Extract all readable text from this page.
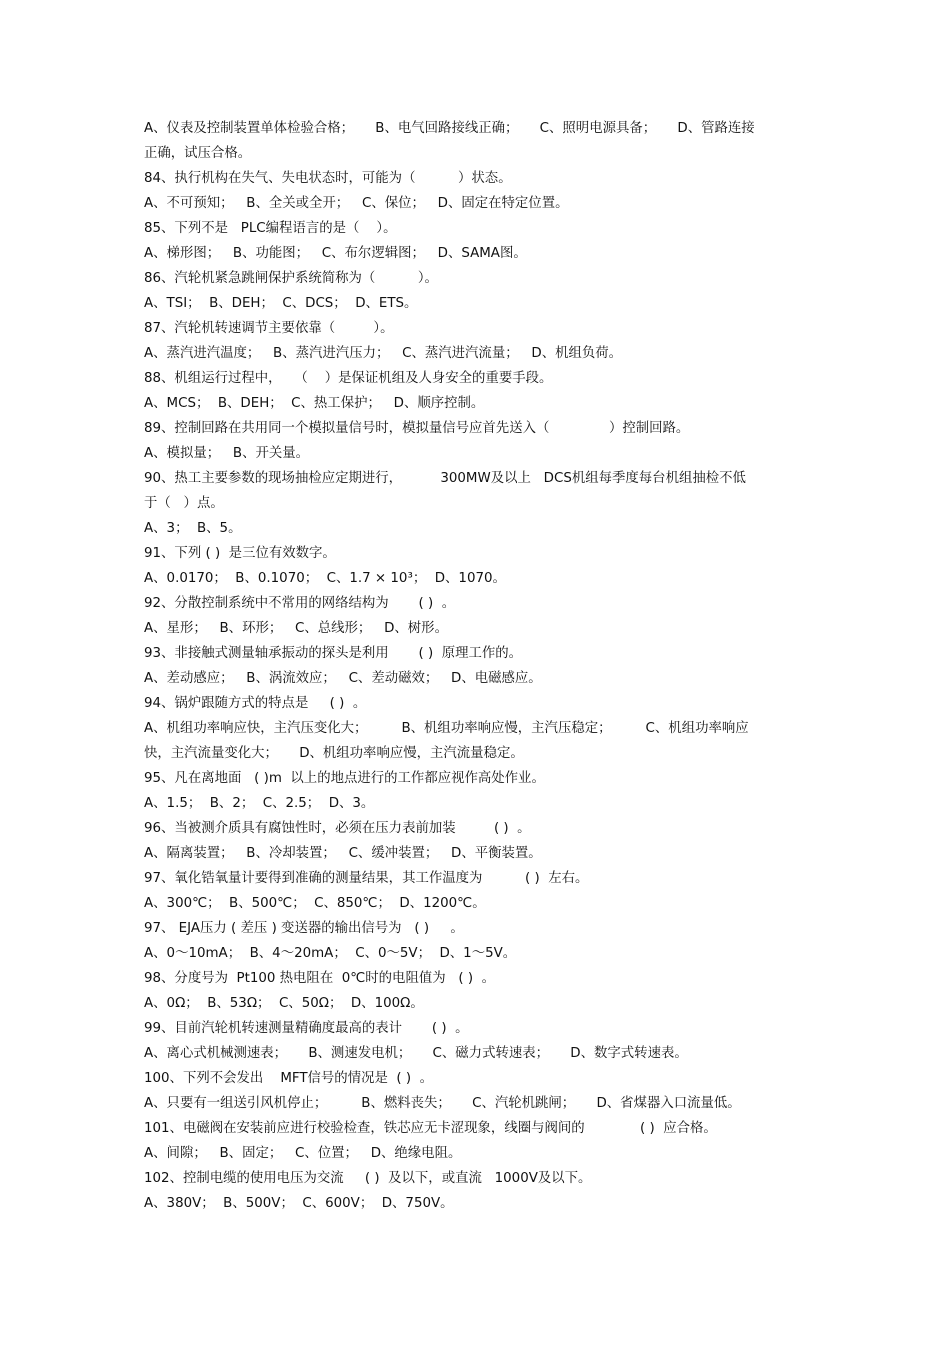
A、仪表及控制装置单体检验合格；     B、电气回路接线正确；     C、照明电源具备；     D、管路连接
正确，试压合格。
84、执行机构在失气、失电状态时，可能为（          ）状态。
A、不可预知；   B、全关或全开；   C、保位；   D、固定在特定位置。
85、下列不是   PLC编程语言的是（    ）。
A、梯形图；   B、功能图；   C、布尔逻辑图；   D、SAMA图。
86、汽轮机紧急跳闸保护系统简称为（          ）。
A、TSI；  B、DEH；  C、DCS；  D、ETS。
87、汽轮机转速调节主要依靠（         ）。
A、蒸汽进汽温度；   B、蒸汽进汽压力；   C、蒸汽进汽流量；   D、机组负荷。
88、机组运行过程中，   （    ）是保证机组及人身安全的重要手段。
A、MCS；  B、DEH；  C、热工保护；   D、顺序控制。
89、控制回路在共用同一个模拟量信号时，模拟量信号应首先送入（              ）控制回路。
A、模拟量；   B、开关量。
90、热工主要参数的现场抽检应定期进行，         300MW及以上   DCS机组每季度每台机组抽检不低
于（   ）点。
A、3；  B、5。
91、下列 ( )  是三位有效数字。
A、0.0170；  B、0.1070；  C、1.7 × 10³；  D、1070。
92、分散控制系统中不常用的网络结构为       ( )  。
A、星形；   B、环形；   C、总线形；   D、树形。
93、非接触式测量轴承振动的探头是利用       ( )  原理工作的。
A、差动感应；   B、涡流效应；   C、差动磁效；   D、电磁感应。
94、锅炉跟随方式的特点是     ( )  。
A、机组功率响应快，主汽压变化大；        B、机组功率响应慢，主汽压稳定；        C、机组功率响应
快，主汽流量变化大；     D、机组功率响应慢，主汽流量稳定。
95、凡在离地面   ( )m  以上的地点进行的工作都应视作高处作业。
A、1.5；  B、2；  C、2.5；  D、3。
96、当被测介质具有腐蚀性时，必须在压力表前加装         ( )  。
A、隔离装置；   B、冷却装置；   C、缓冲装置；   D、平衡装置。
97、氧化锆氧量计要得到准确的测量结果，其工作温度为          ( )  左右。
A、300℃；  B、500℃；  C、850℃；  D、1200℃。
97、 EJA压力 ( 差压 ) 变送器的输出信号为   ( )     。
A、0～10mA；  B、4～20mA；  C、0～5V；  D、1～5V。
98、分度号为  Pt100 热电阻在  0℃时的电阻值为   ( )  。
A、0Ω；  B、53Ω；  C、50Ω；  D、100Ω。
99、目前汽轮机转速测量精确度最高的表计       ( )  。
A、离心式机械测速表；     B、测速发电机；     C、磁力式转速表；     D、数字式转速表。
100、下列不会发出    MFT信号的情况是  ( )  。
A、只要有一组送引风机停止；        B、燃料丧失；     C、汽轮机跳闸；     D、省煤器入口流量低。
101、电磁阀在安装前应进行校验检查，铁芯应无卡涩现象，线圈与阀间的             ( )  应合格。
A、间隙；   B、固定；   C、位置；   D、绝缘电阻。
102、控制电缆的使用电压为交流     ( )  及以下，或直流   1000V及以下。
A、380V；  B、500V；  C、600V；  D、750V。
